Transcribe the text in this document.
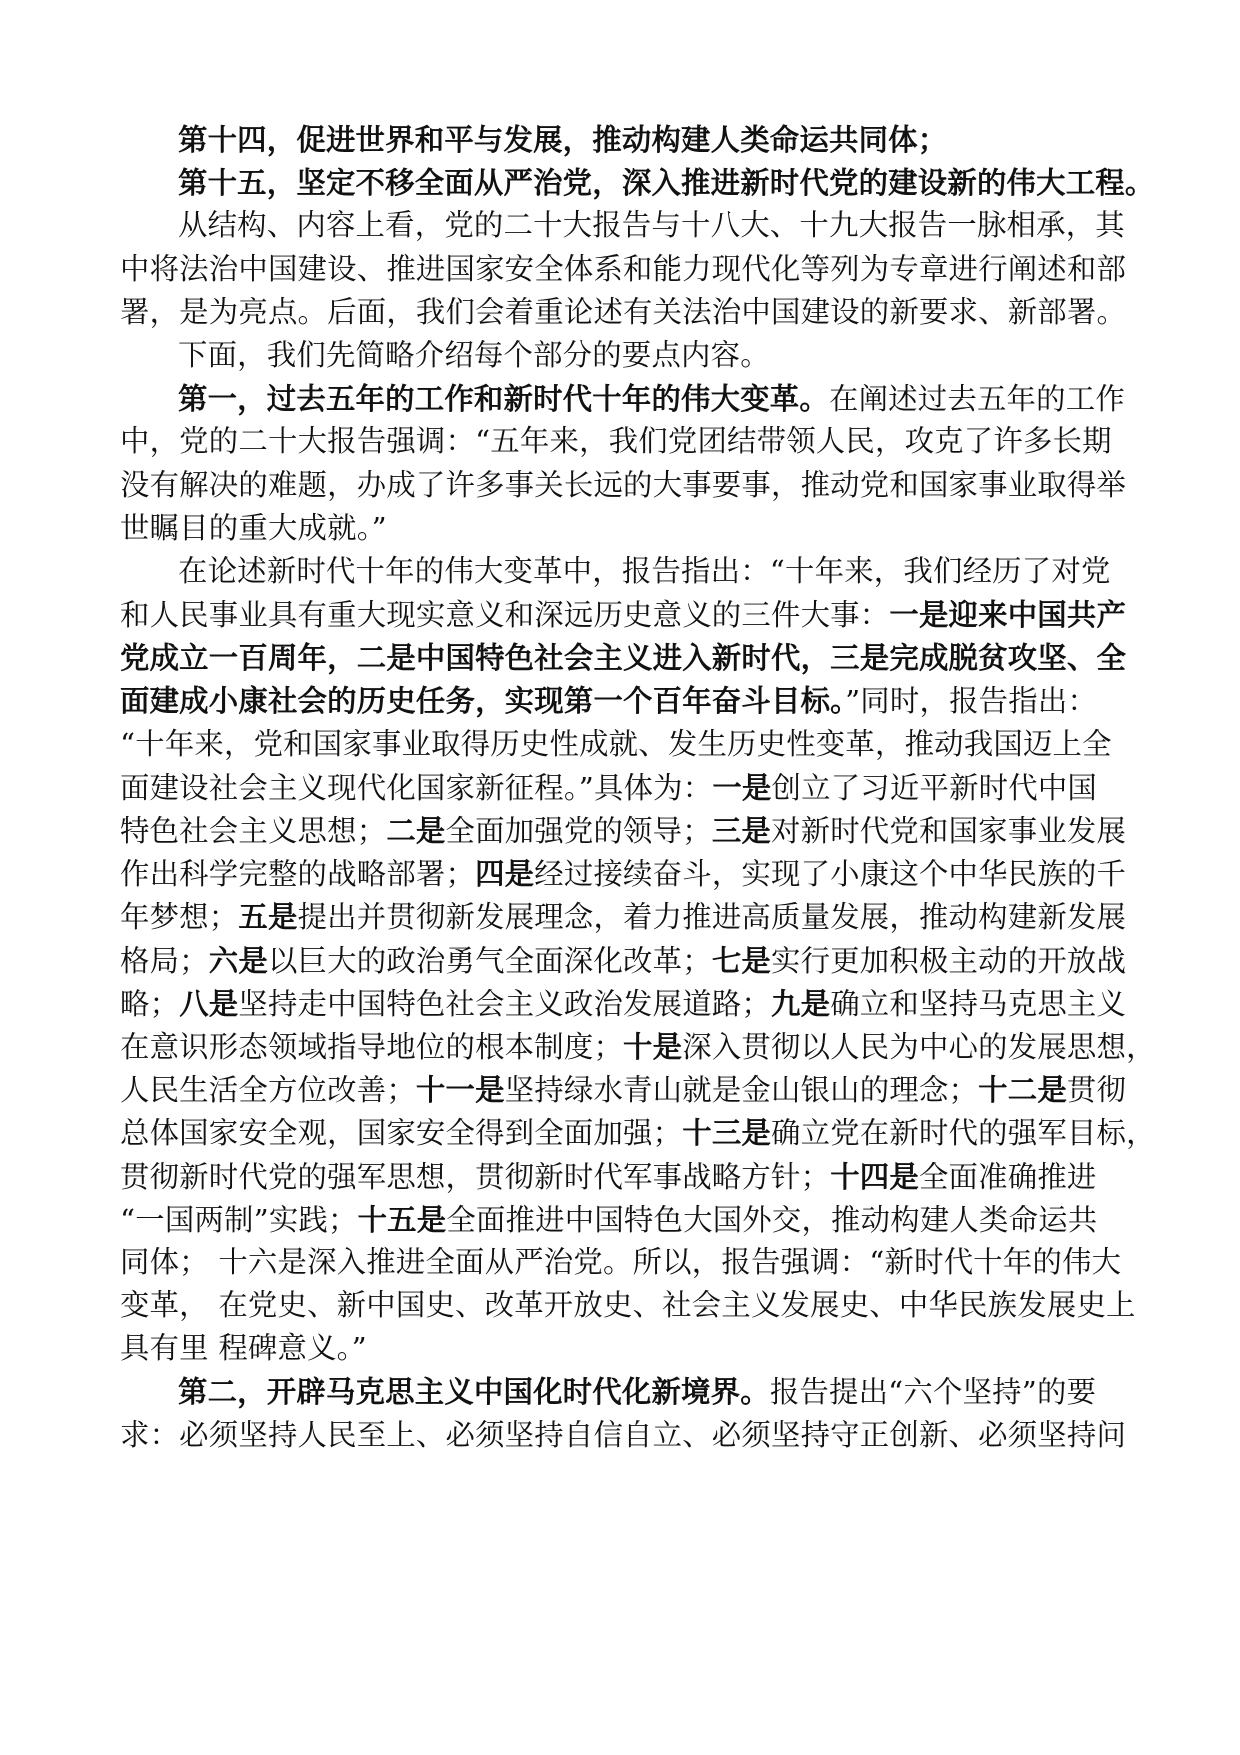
第十四，促进世界和平与发展，推动构建人类命运共同体；
第十五，坚定不移全面从严治党，深入推进新时代党的建设新的伟大工程。
从结构、内容上看，党的二十大报告与十八大、十九大报告一脉相承，其
中将法治中国建设、推进国家安全体系和能力现代化等列为专章进行阐述和部
署，是为亮点。后面，我们会着重论述有关法治中国建设的新要求、新部署。
下面，我们先简略介绍每个部分的要点内容。
第一，过去五年的工作和新时代十年的伟大变革。在阐述过去五年的工作
中，党的二十大报告强调：“五年来，我们党团结带领人民，攻克了许多长期
没有解决的难题，办成了许多事关长远的大事要事，推动党和国家事业取得举
世瞩目的重大成就。”
在论述新时代十年的伟大变革中，报告指出：“十年来，我们经历了对党
和人民事业具有重大现实意义和深远历史意义的三件大事：一是迎来中国共产
党成立一百周年，二是中国特色社会主义进入新时代，三是完成脱贫攻坚、全
面建成小康社会的历史任务，实现第一个百年奋斗目标。”同时，报告指出：
“十年来，党和国家事业取得历史性成就、发生历史性变革，推动我国迈上全
面建设社会主义现代化国家新征程。”具体为：一是创立了习近平新时代中国
特色社会主义思想；二是全面加强党的领导；三是对新时代党和国家事业发展
作出科学完整的战略部署；四是经过接续奋斗，实现了小康这个中华民族的千
年梦想；五是提出并贯彻新发展理念，着力推进高质量发展，推动构建新发展
格局；六是以巨大的政治勇气全面深化改革；七是实行更加积极主动的开放战
略；八是坚持走中国特色社会主义政治发展道路；九是确立和坚持马克思主义
在意识形态领域指导地位的根本制度；十是深入贯彻以人民为中心的发展思想，
人民生活全方位改善；十一是坚持绿水青山就是金山银山的理念；十二是贯彻
总体国家安全观，国家安全得到全面加强；十三是确立党在新时代的强军目标，
贯彻新时代党的强军思想，贯彻新时代军事战略方针；十四是全面准确推进
“一国两制”实践；十五是全面推进中国特色大国外交，推动构建人类命运共
同体； 十六是深入推进全面从严治党。所以，报告强调：“新时代十年的伟大
变革， 在党史、新中国史、改革开放史、社会主义发展史、中华民族发展史上
具有里 程碑意义。”
第二，开辟马克思主义中国化时代化新境界。报告提出“六个坚持”的要
求：必须坚持人民至上、必须坚持自信自立、必须坚持守正创新、必须坚持问
